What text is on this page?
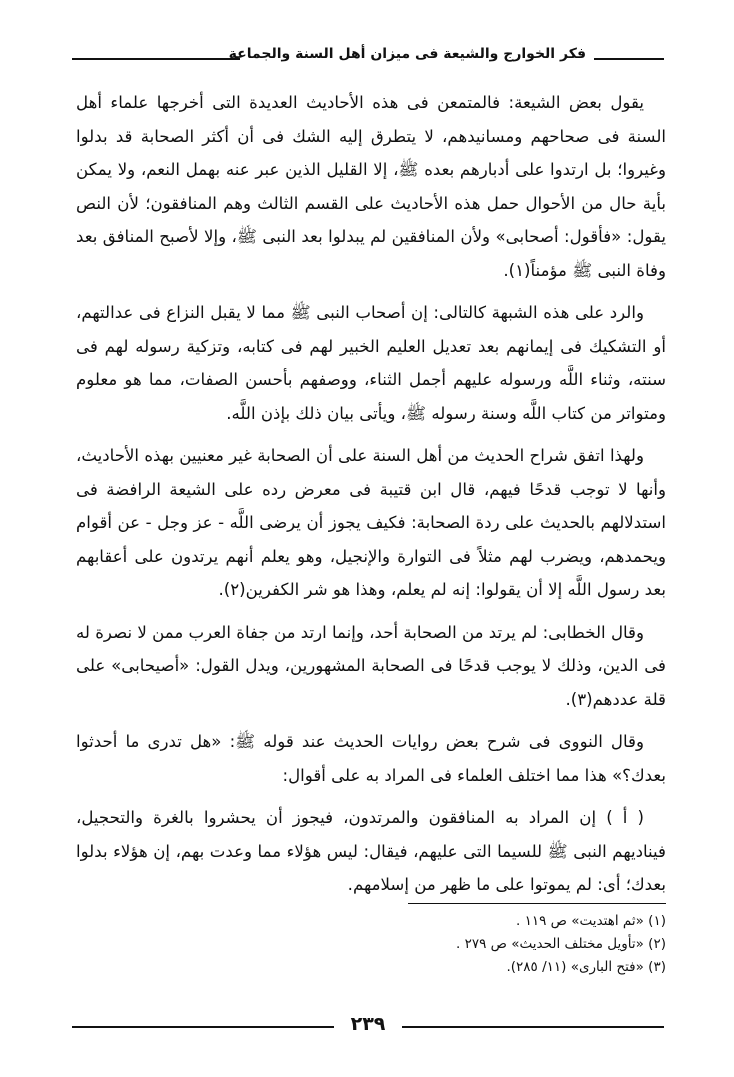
فكر الخوارج والشيعة فى ميزان أهل السنة والجماعة

يقول بعض الشيعة: فالمتمعن فى هذه الأحاديث العديدة التى أخرجها علماء أهل السنة فى صحاحهم ومسانيدهم، لا يتطرق إليه الشك فى أن أكثر الصحابة قد بدلوا وغيروا؛ بل ارتدوا على أدبارهم بعده ﷺ، إلا القليل الذين عبر عنه بهمل النعم، ولا يمكن بأية حال من الأحوال حمل هذه الأحاديث على القسم الثالث وهم المنافقون؛ لأن النص يقول: «فأقول: أصحابى» ولأن المنافقين لم يبدلوا بعد النبى ﷺ، وإلا لأصبح المنافق بعد وفاة النبى ﷺ مؤمناً(١).

والرد على هذه الشبهة كالتالى: إن أصحاب النبى ﷺ مما لا يقبل النزاع فى عدالتهم، أو التشكيك فى إيمانهم بعد تعديل العليم الخبير لهم فى كتابه، وتزكية رسوله لهم فى سنته، وثناء اللَّه ورسوله عليهم أجمل الثناء، ووصفهم بأحسن الصفات، مما هو معلوم ومتواتر من كتاب اللَّه وسنة رسوله ﷺ، ويأتى بيان ذلك بإذن اللَّه.

ولهذا اتفق شراح الحديث من أهل السنة على أن الصحابة غير معنيين بهذه الأحاديث، وأنها لا توجب قدحًا فيهم، قال ابن قتيبة فى معرض رده على الشيعة الرافضة فى استدلالهم بالحديث على ردة الصحابة: فكيف يجوز أن يرضى اللَّه - عز وجل - عن أقوام ويحمدهم، ويضرب لهم مثلاً فى التوارة والإنجيل، وهو يعلم أنهم يرتدون على أعقابهم بعد رسول اللَّه إلا أن يقولوا: إنه لم يعلم، وهذا هو شر الكفرين(٢).

وقال الخطابى: لم يرتد من الصحابة أحد، وإنما ارتد من جفاة العرب ممن لا نصرة له فى الدين، وذلك لا يوجب قدحًا فى الصحابة المشهورين، ويدل القول: «أصيحابى» على قلة عددهم(٣).

وقال النووى فى شرح بعض روايات الحديث عند قوله ﷺ: «هل تدرى ما أحدثوا بعدك؟» هذا مما اختلف العلماء فى المراد به على أقوال:

( أ ) إن المراد به المنافقون والمرتدون، فيجوز أن يحشروا بالغرة والتحجيل، فيناديهم النبى ﷺ للسيما التى عليهم، فيقال: ليس هؤلاء مما وعدت بهم، إن هؤلاء بدلوا بعدك؛ أى: لم يموتوا على ما ظهر من إسلامهم.

(١) «ثم اهتديت» ص ١١٩ .

(٢) «تأويل مختلف الحديث» ص ٢٧٩ .

(٣) «فتح البارى» (١١/ ٢٨٥).

٢٣٩
